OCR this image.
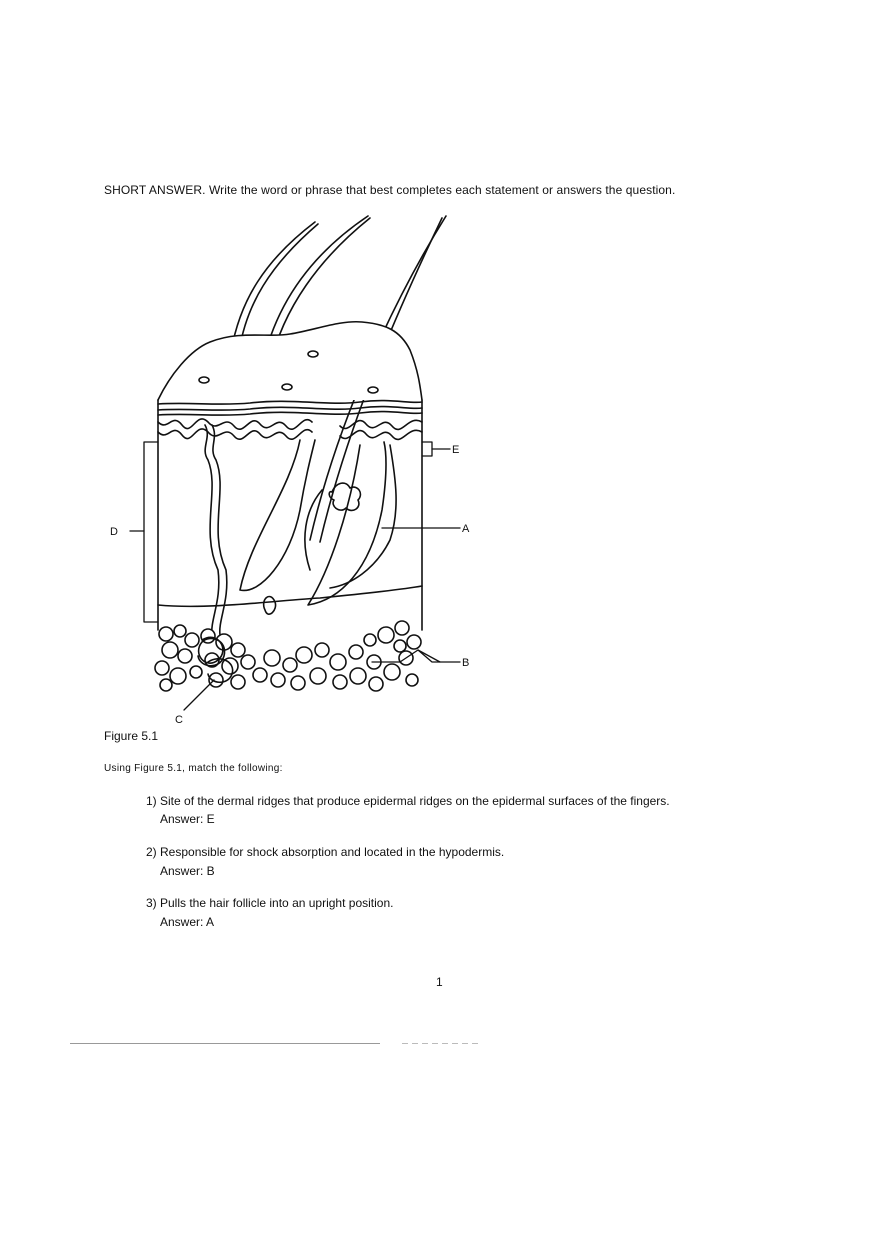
SHORT ANSWER. Write the word or phrase that best completes each statement or answers the question.
D
E
A
B
C
Figure 5.1
Using Figure 5.1, match the following:
1) Site of the dermal ridges that produce epidermal ridges on the epidermal surfaces of the fingers.
Answer: E
2) Responsible for shock absorption and located in the hypodermis.
Answer: B
3) Pulls the hair follicle into an upright position.
Answer: A
1
